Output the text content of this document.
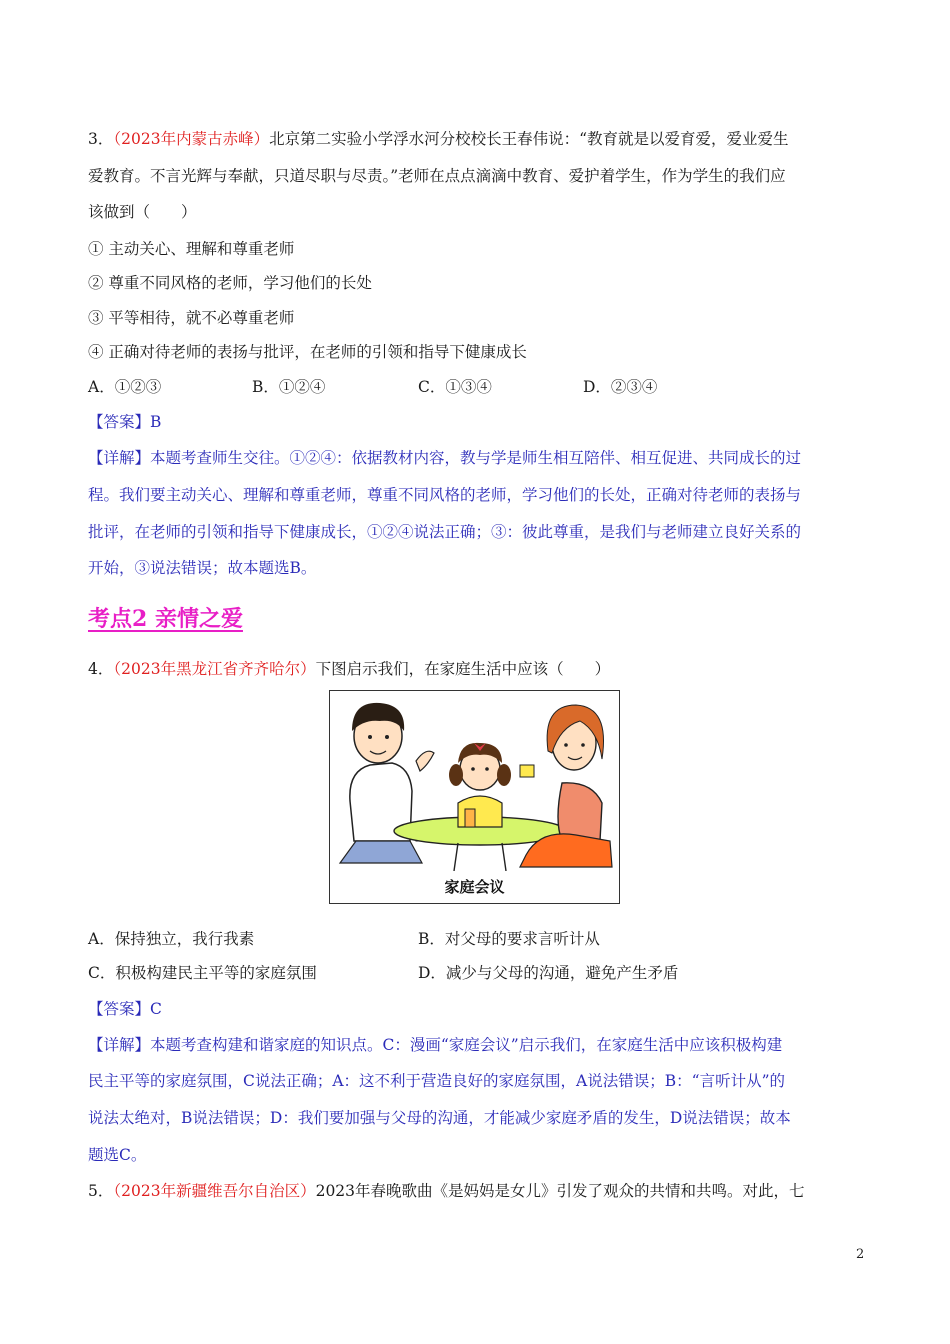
3．（2023年内蒙古赤峰）北京第二实验小学浮水河分校校长王春伟说：“教育就是以爱育爱，爱业爱生
爱教育。不言光辉与奉献，只道尽职与尽责。”老师在点点滴滴中教育、爱护着学生，作为学生的我们应
该做到（　　）
① 主动关心、理解和尊重老师
② 尊重不同风格的老师，学习他们的长处
③ 平等相待，就不必尊重老师
④ 正确对待老师的表扬与批评，在老师的引领和指导下健康成长
A．①②③	B．①②④	C．①③④	D．②③④
【答案】B
【详解】本题考查师生交往。①②④：依据教材内容，教与学是师生相互陪伴、相互促进、共同成长的过
程。我们要主动关心、理解和尊重老师，尊重不同风格的老师，学习他们的长处，正确对待老师的表扬与
批评，在老师的引领和指导下健康成长，①②④说法正确；③：彼此尊重，是我们与老师建立良好关系的
开始，③说法错误；故本题选B。
考点2 亲情之爱
4．（2023年黑龙江省齐齐哈尔）下图启示我们，在家庭生活中应该（　　）
家庭会议
A．保持独立，我行我素	B．对父母的要求言听计从
C．积极构建民主平等的家庭氛围	D．减少与父母的沟通，避免产生矛盾
【答案】C
【详解】本题考查构建和谐家庭的知识点。C：漫画“家庭会议”启示我们，在家庭生活中应该积极构建
民主平等的家庭氛围，C说法正确；A：这不利于营造良好的家庭氛围，A说法错误；B：“言听计从”的
说法太绝对，B说法错误；D：我们要加强与父母的沟通，才能减少家庭矛盾的发生，D说法错误；故本
题选C。
5．（2023年新疆维吾尔自治区）2023年春晚歌曲《是妈妈是女儿》引发了观众的共情和共鸣。对此，七
2
